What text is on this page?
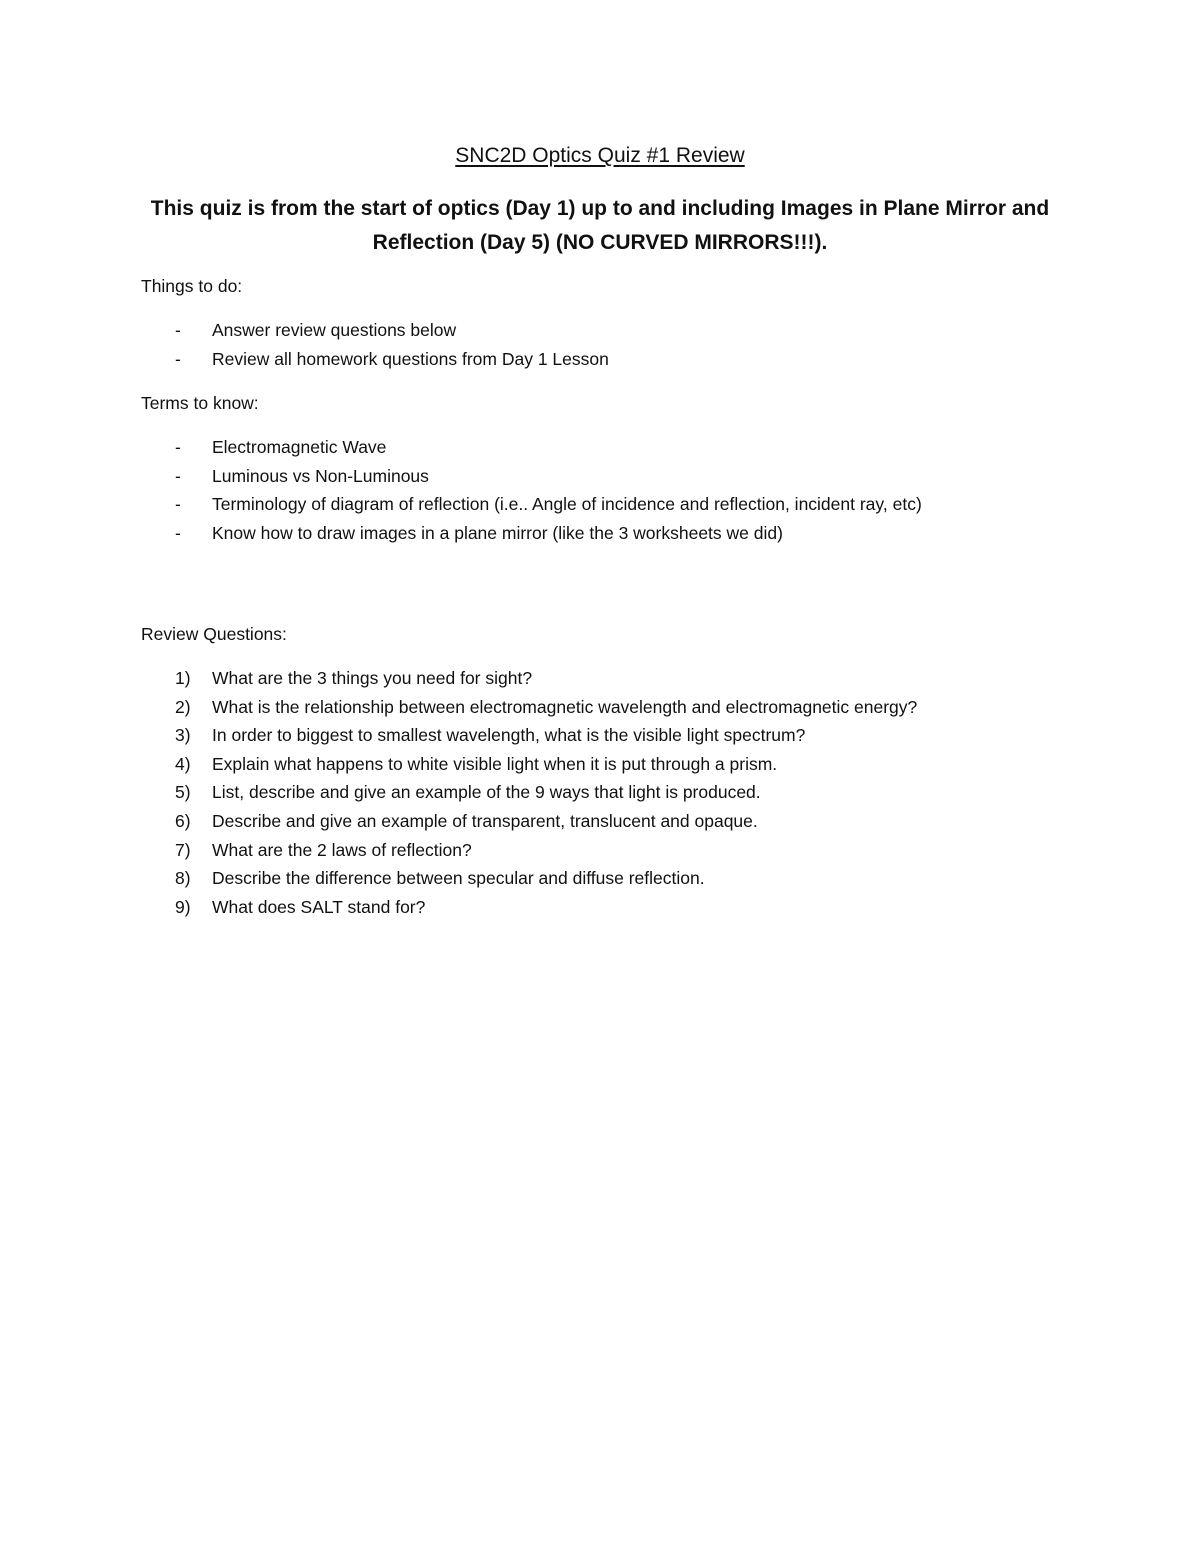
SNC2D Optics Quiz #1 Review
This quiz is from the start of optics (Day 1) up to and including Images in Plane Mirror and Reflection (Day 5) (NO CURVED MIRRORS!!!).
Things to do:
- Answer review questions below
- Review all homework questions from Day 1 Lesson
Terms to know:
- Electromagnetic Wave
- Luminous vs Non-Luminous
- Terminology of diagram of reflection (i.e.. Angle of incidence and reflection, incident ray, etc)
- Know how to draw images in a plane mirror (like the 3 worksheets we did)
Review Questions:
1) What are the 3 things you need for sight?
2) What is the relationship between electromagnetic wavelength and electromagnetic energy?
3) In order to biggest to smallest wavelength, what is the visible light spectrum?
4) Explain what happens to white visible light when it is put through a prism.
5) List, describe and give an example of the 9 ways that light is produced.
6) Describe and give an example of transparent, translucent and opaque.
7) What are the 2 laws of reflection?
8) Describe the difference between specular and diffuse reflection.
9) What does SALT stand for?
